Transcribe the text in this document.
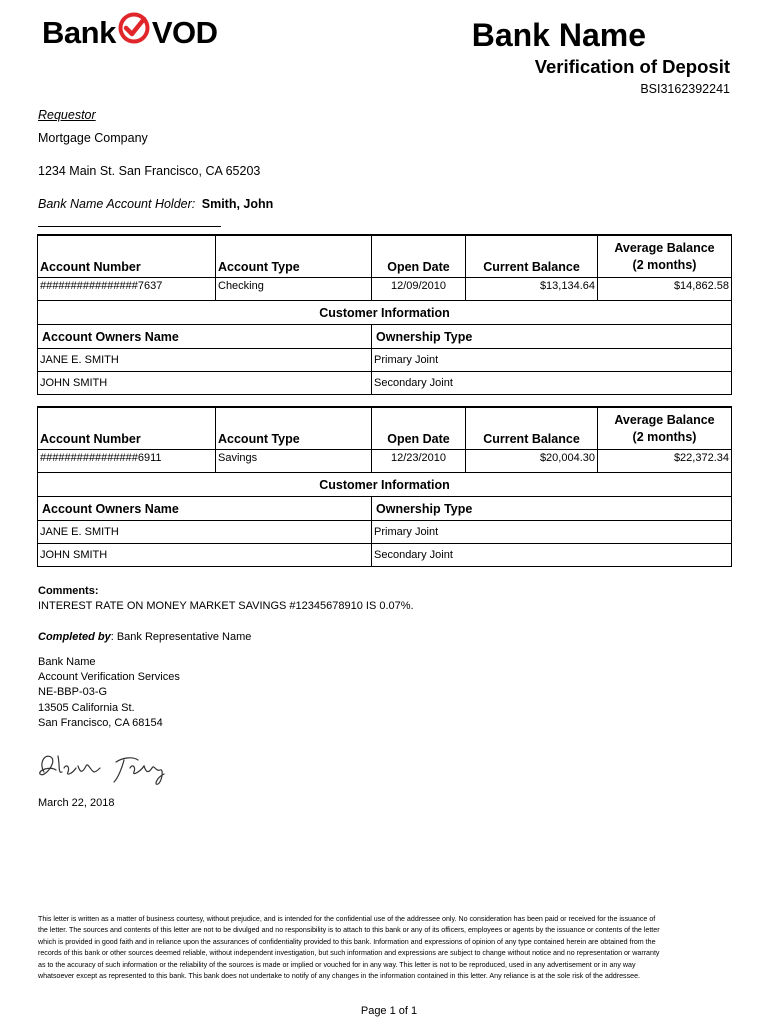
Bank VOD	Bank Name
Verification of Deposit
BSI3162392241
Requestor
Mortgage Company
1234 Main St. San Francisco, CA 65203
Bank Name Account Holder: Smith, John
Account Number	Account Type	Open Date	Current Balance	Average Balance
(2 months)

################7637	Checking	12/09/2010	$13,134.64	$14,862.58
Customer Information				
Account Owners Name		Ownership Type		
JANE E. SMITH		Primary Joint		
JOHN SMITH		Secondary Joint		
Account Number	Account Type	Open Date	Current Balance	Average Balance
(2 months)

################6911	Savings	12/23/2010	$20,004.30	$22,372.34
Customer Information				
Account Owners Name		Ownership Type		
JANE E. SMITH		Primary Joint		
JOHN SMITH		Secondary Joint		
Comments:
INTEREST RATE ON MONEY MARKET SAVINGS #12345678910 IS 0.07%.
Completed by: Bank Representative Name
Bank Name
Account Verification Services
NE-BBP-03-G
13505 California St.
San Francisco, CA 68154
March 22, 2018
This letter is written as a matter of business courtesy, without prejudice, and is intended for the confidential use of the addressee only. No consideration has been paid or received for the issuance of the letter. The sources and contents of this letter are not to be divulged and no responsibility is to attach to this bank or any of its officers, employees or agents by the issuance or contents of the letter which is provided in good faith and in reliance upon the assurances of confidentiality provided to this bank. Information and expressions of opinion of any type contained herein are obtained from the records of this bank or other sources deemed reliable, without independent investigation, but such information and expressions are subject to change without notice and no representation or warranty as to the accuracy of such information or the reliability of the sources is made or implied or vouched for in any way. This letter is not to be reproduced, used in any advertisement or in any way whatsoever except as represented to this bank. This bank does not undertake to notify of any changes in the information contained in this letter. Any reliance is at the sole risk of the addressee.
Page 1 of 1
